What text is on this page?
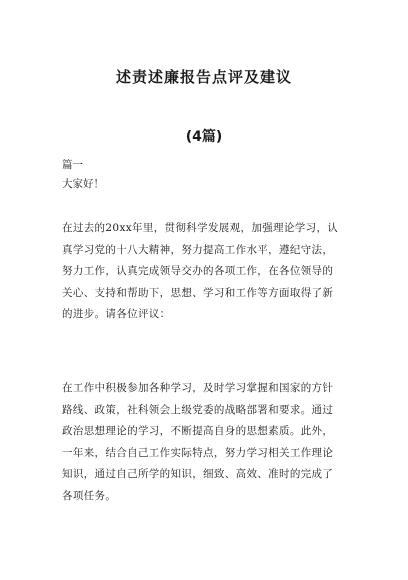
述责述廉报告点评及建议
(4篇)
篇一
大家好！
在过去的20xx年里，贯彻科学发展观，加强理论学习，认
真学习党的十八大精神，努力提高工作水平，遵纪守法，
努力工作，认真完成领导交办的各项工作，在各位领导的
关心、支持和帮助下，思想、学习和工作等方面取得了新
的进步。请各位评议：
在工作中积极参加各种学习，及时学习掌握和国家的方针
路线、政策，社科领会上级党委的战略部署和要求。通过
政治思想理论的学习，不断提高自身的思想素质。此外，
一年来，结合自己工作实际特点，努力学习相关工作理论
知识，通过自己所学的知识，细致、高效、准时的完成了
各项任务。
